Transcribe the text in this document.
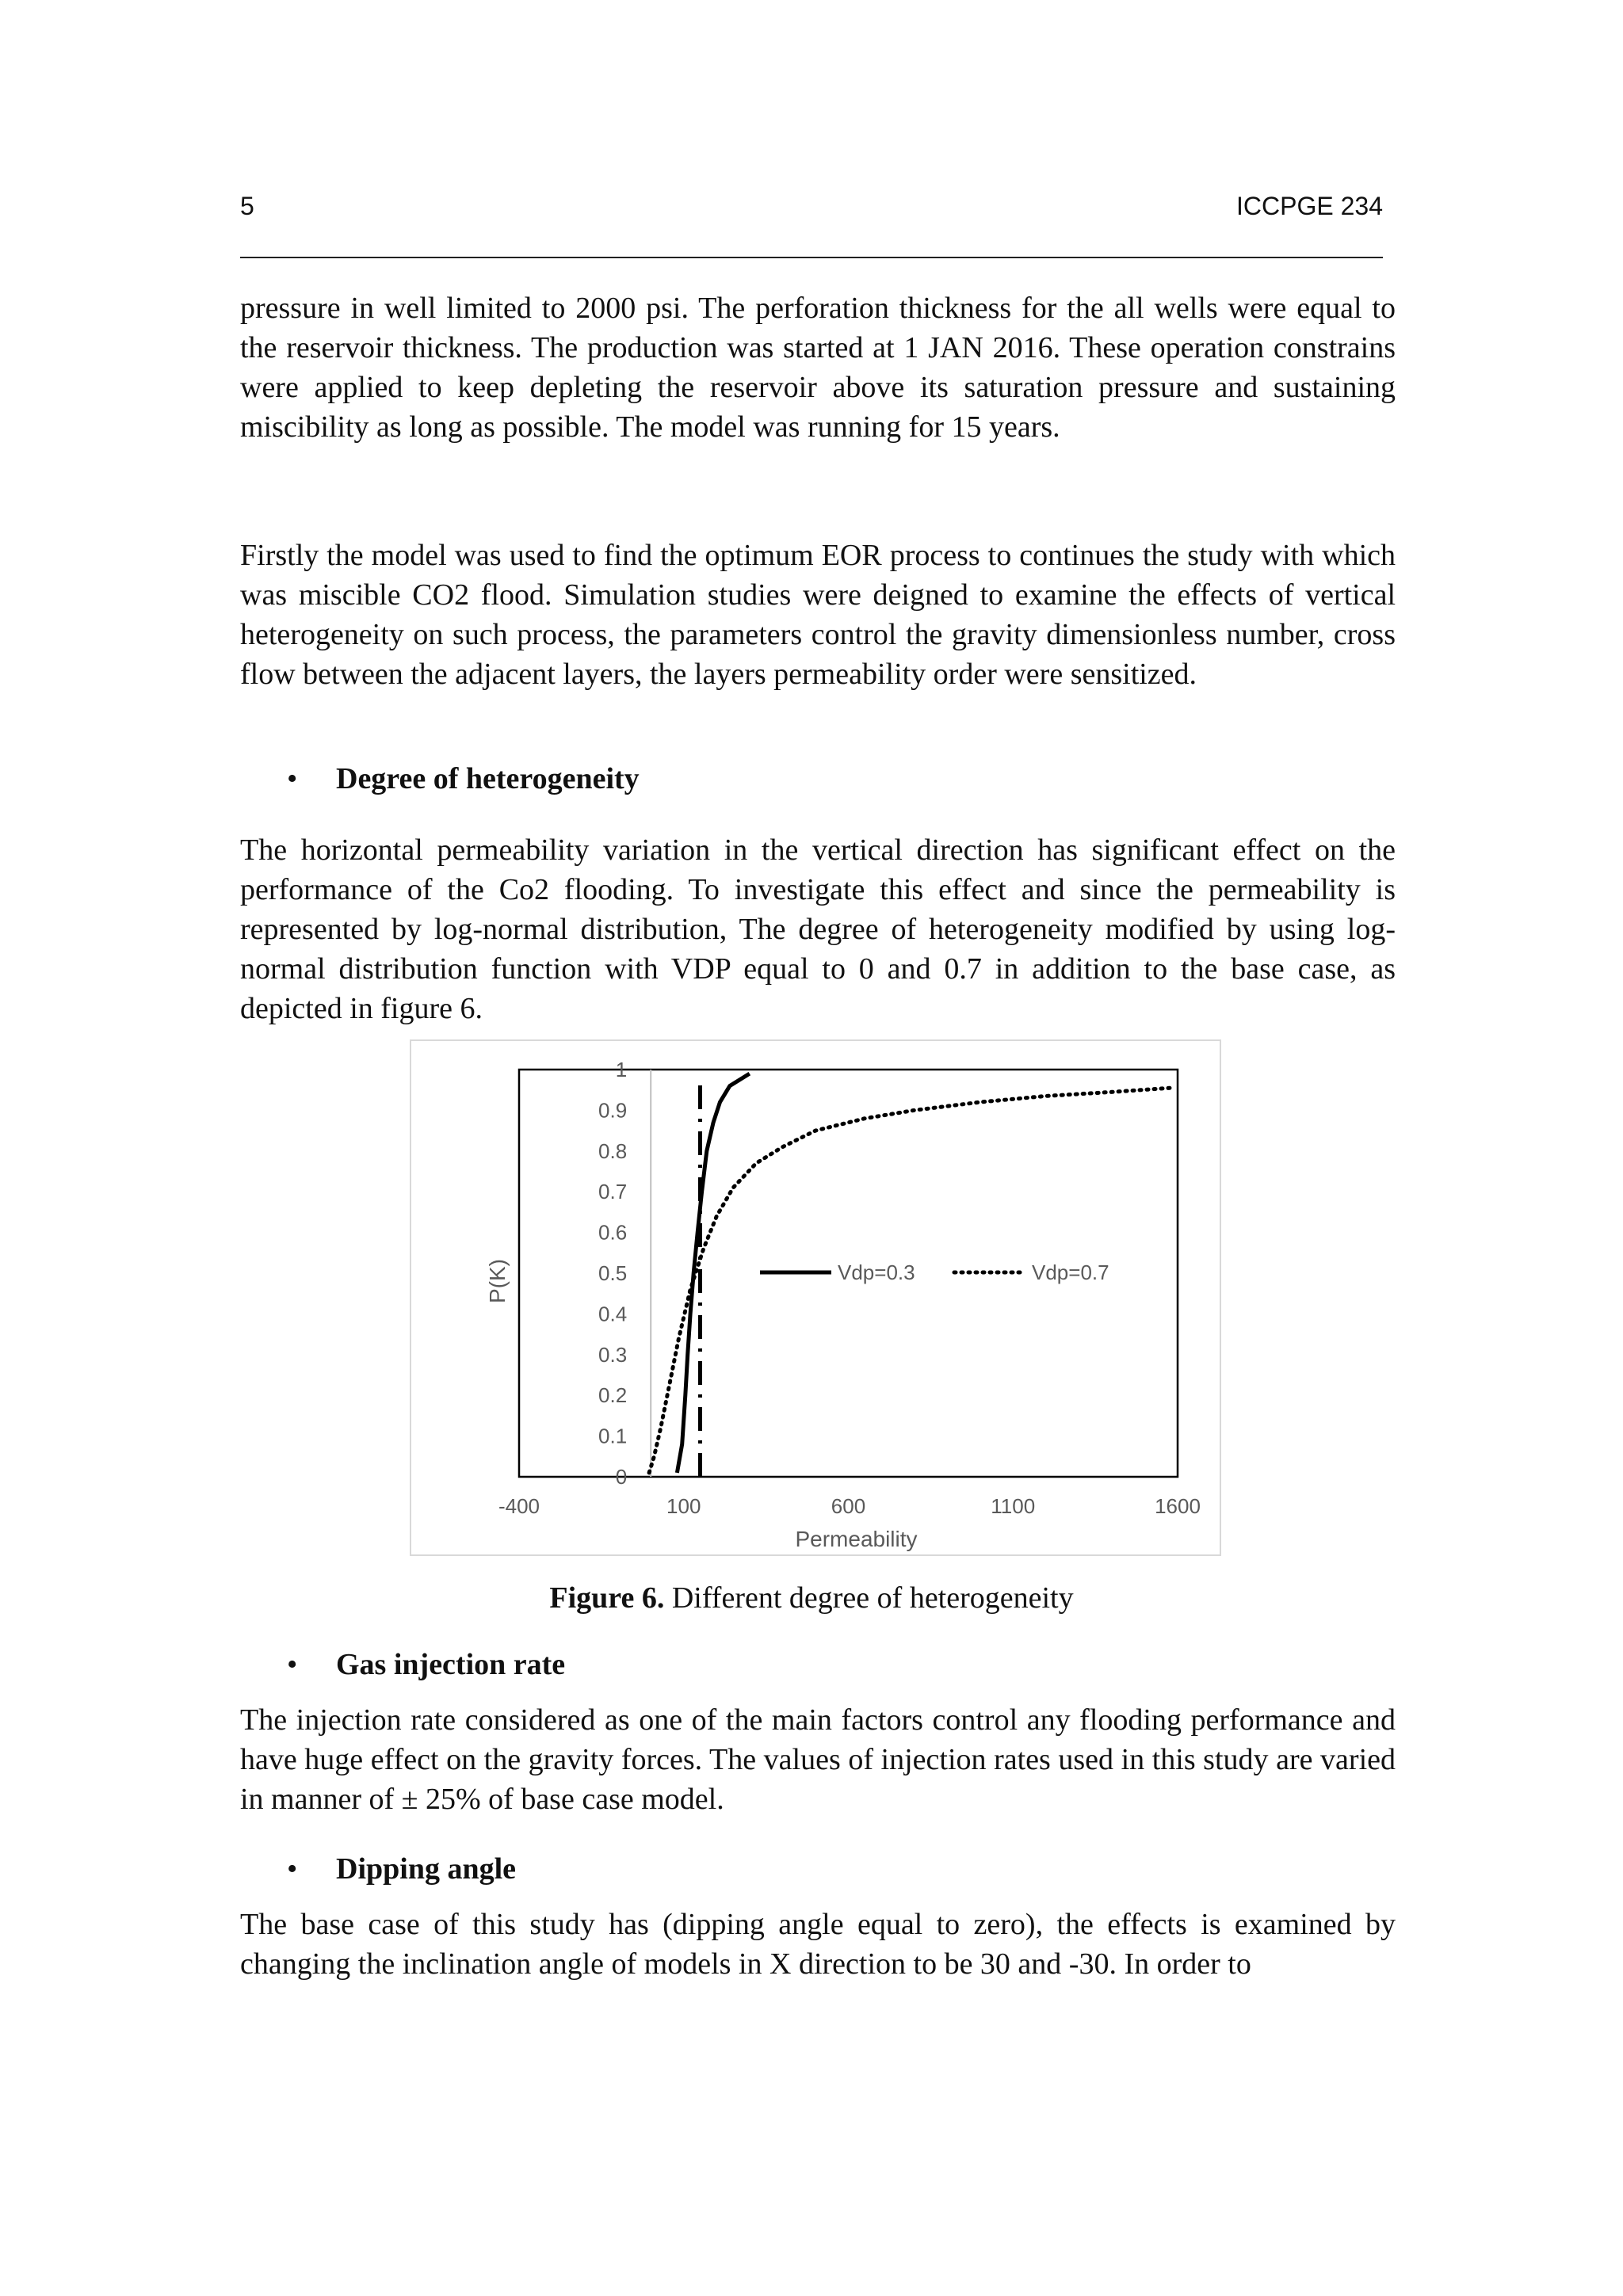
5	ICCPGE 234

pressure in well limited to 2000 psi. The perforation thickness for the all wells were equal to the reservoir thickness. The production was started at 1 JAN 2016. These operation constrains were applied to keep depleting the reservoir above its saturation pressure and sustaining miscibility as long as possible. The model was running for 15 years.

Firstly the model was used to find the optimum EOR process to continues the study with which was miscible CO2 flood. Simulation studies were deigned to examine the effects of vertical heterogeneity on such process, the parameters control the gravity dimensionless number, cross flow between the adjacent layers, the layers permeability order were sensitized.

• Degree of heterogeneity

The horizontal permeability variation in the vertical direction has significant effect on the performance of the Co2 flooding. To investigate this effect and since the permeability is represented by log-normal distribution, The degree of heterogeneity modified by using log-normal distribution function with VDP equal to 0 and 0.7 in addition to the base case, as depicted in figure 6.

0
0.1
0.2
0.3
0.4
0.5
0.6
0.7
0.8
0.9
1
-400	100	600	1100	1600
Permeability
P(K)	Vdp=0.3	Vdp=0.7
Figure 6. Different degree of heterogeneity
• Gas injection rate

The injection rate considered as one of the main factors control any flooding performance and have huge effect on the gravity forces. The values of injection rates used in this study are varied in manner of ± 25% of base case model.

• Dipping angle

The base case of this study has (dipping angle equal to zero), the effects is examined by changing the inclination angle of models in X direction to be 30 and -30. In order to
